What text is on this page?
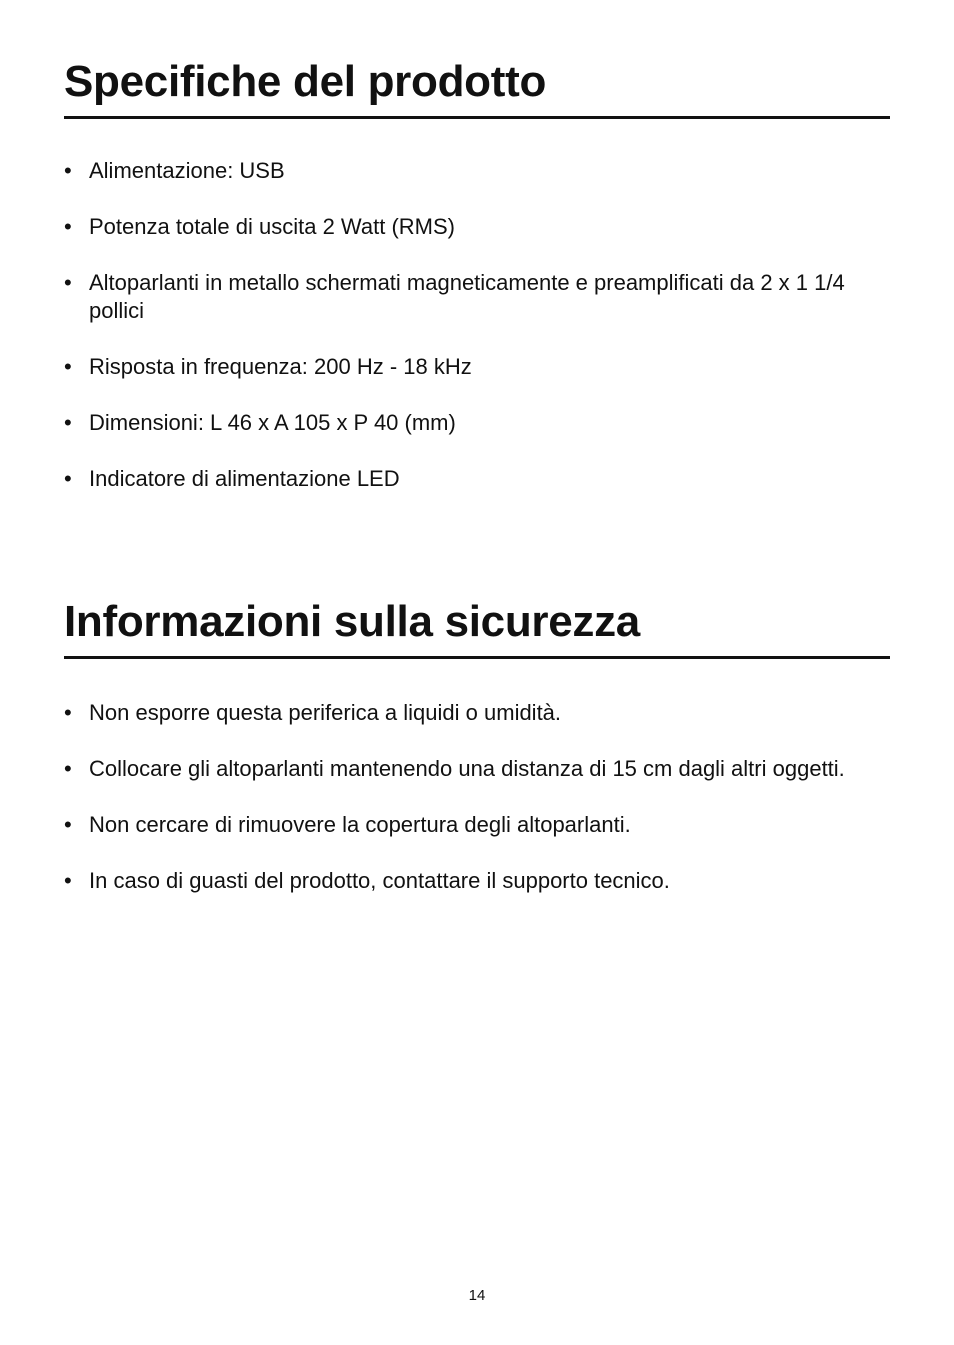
Specifiche del prodotto
• Alimentazione: USB
• Potenza totale di uscita 2 Watt (RMS)
• Altoparlanti in metallo schermati magneticamente e preamplificati da 2 x 1 1/4 pollici
• Risposta in frequenza: 200 Hz - 18 kHz
• Dimensioni: L 46 x A 105 x P 40 (mm)
• Indicatore di alimentazione LED
Informazioni sulla sicurezza
• Non esporre questa periferica a liquidi o umidità.
• Collocare gli altoparlanti mantenendo una distanza di 15 cm dagli altri oggetti.
• Non cercare di rimuovere la copertura degli altoparlanti.
• In caso di guasti del prodotto, contattare il supporto tecnico.
14
